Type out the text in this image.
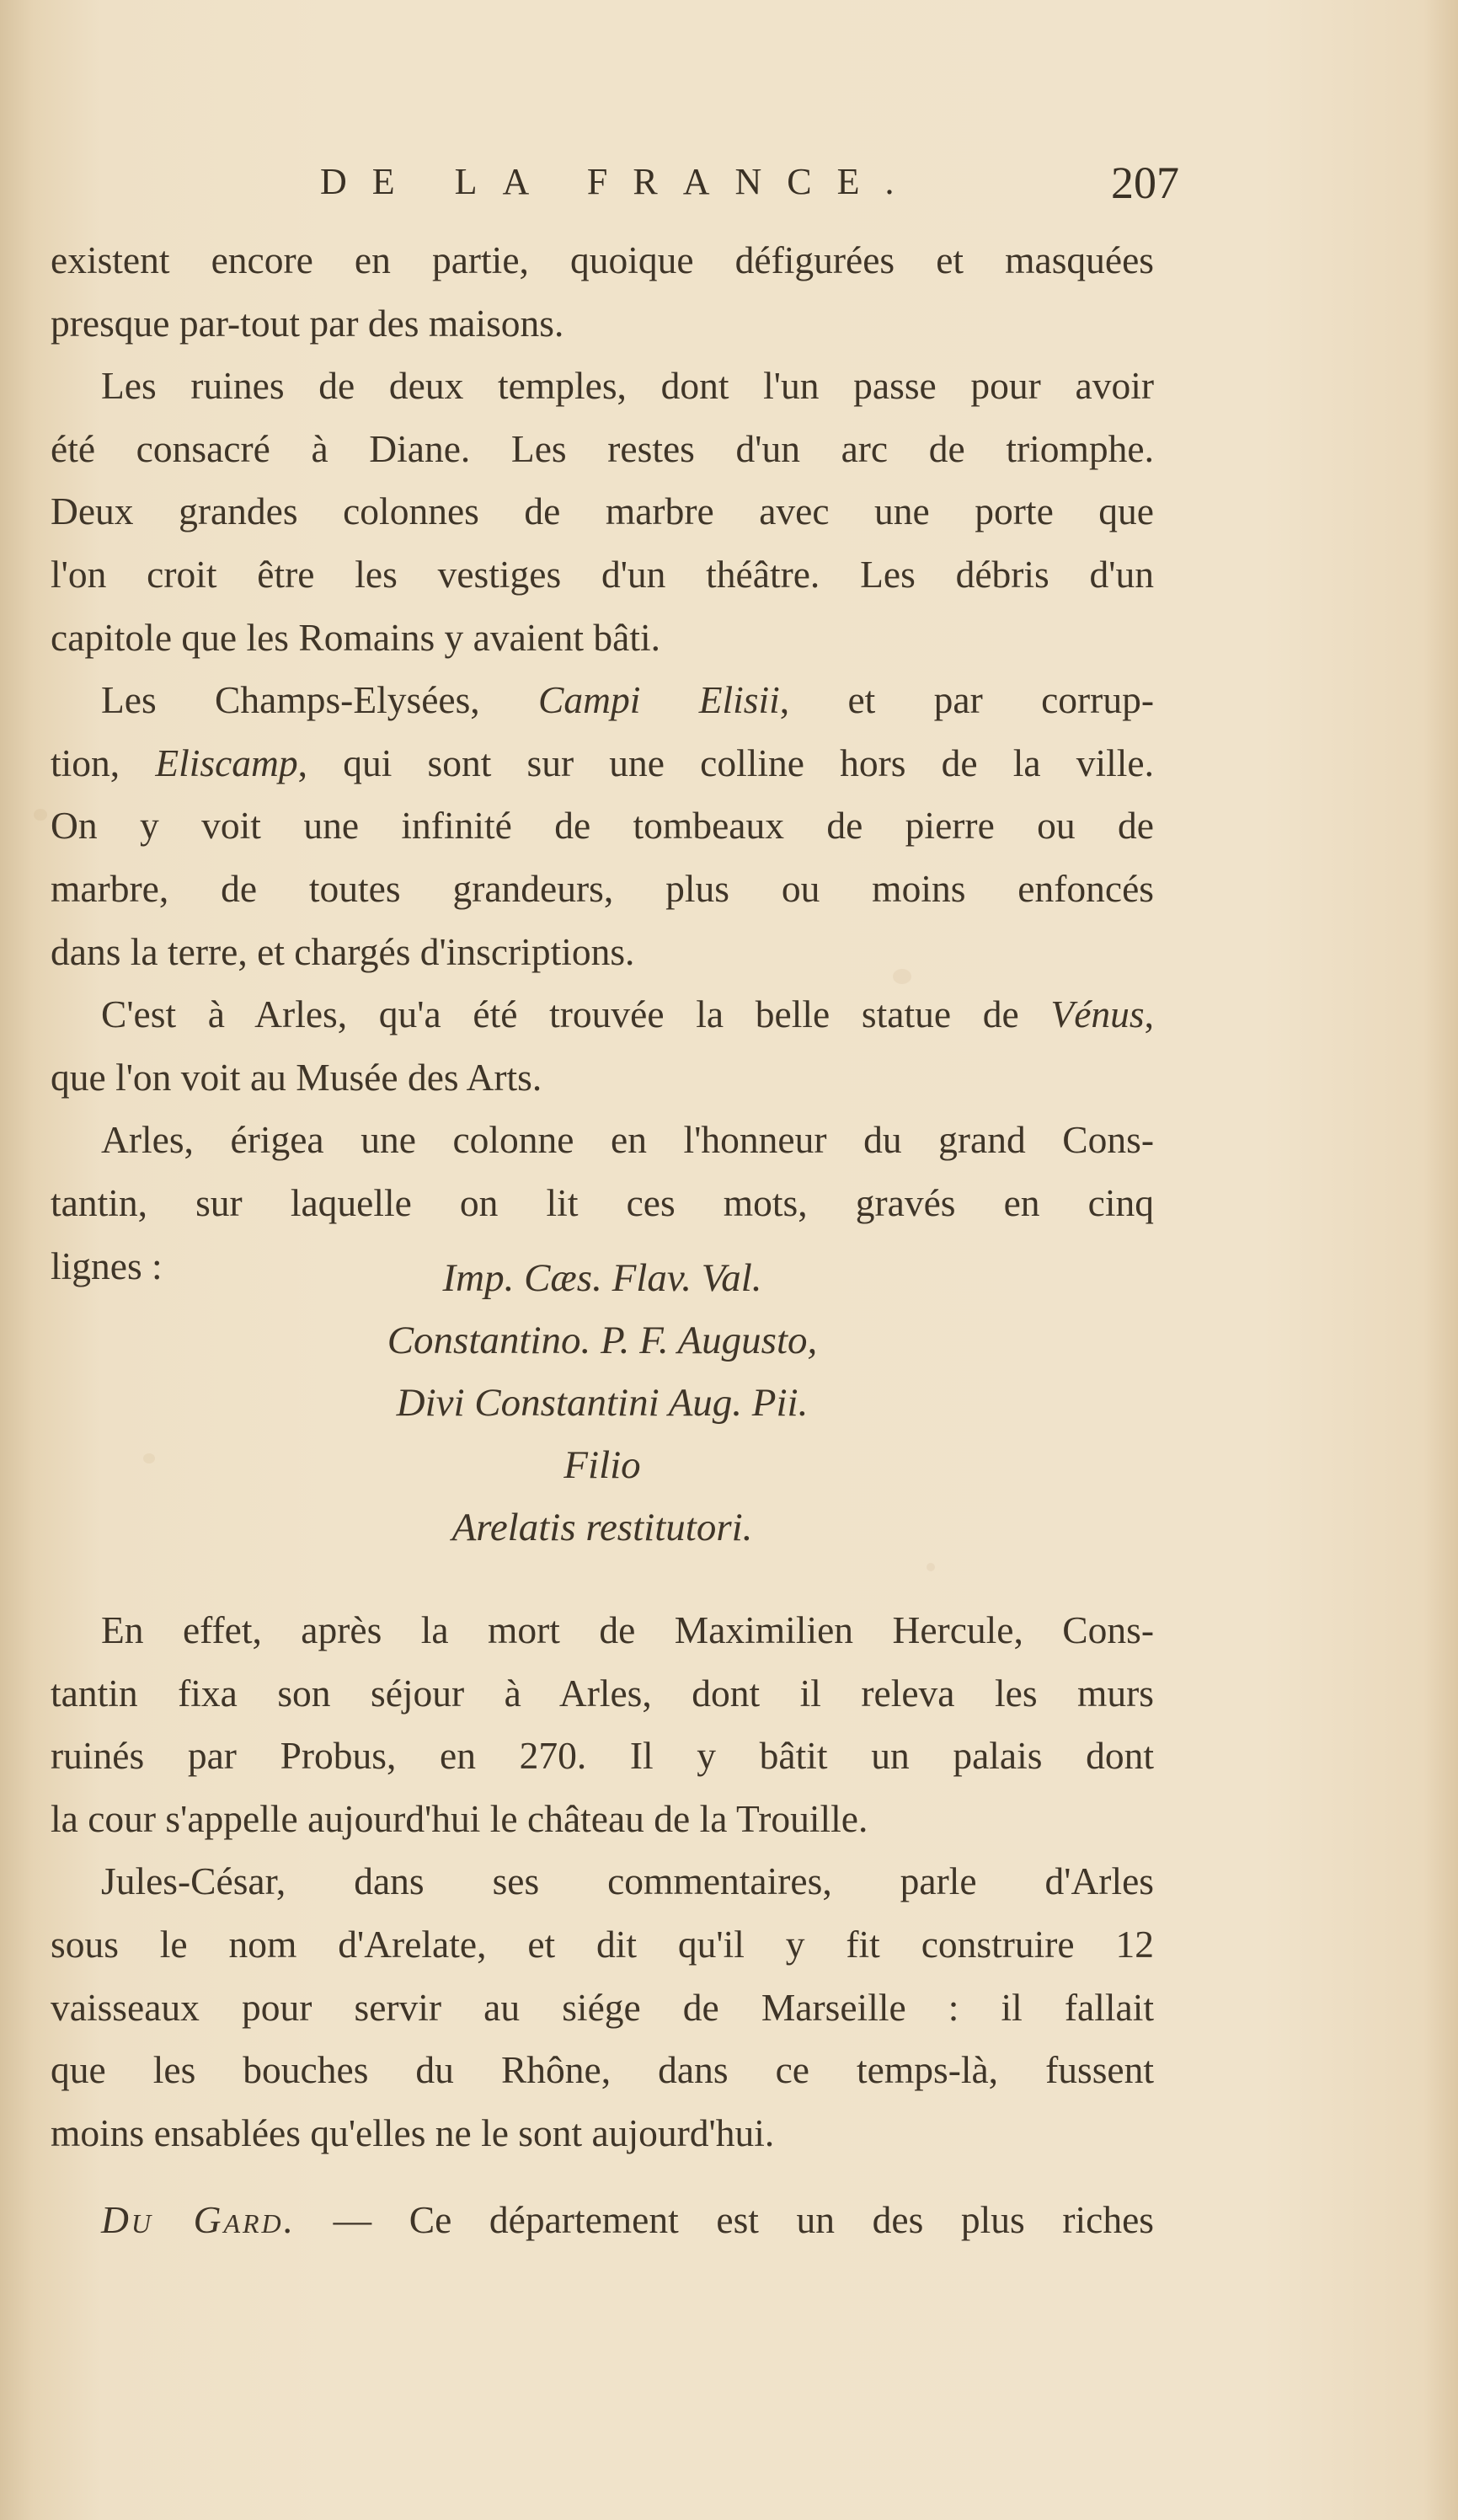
DE LA FRANCE.	207
existent encore en partie, quoique défigurées et masquées
presque par-tout par des maisons.
Les ruines de deux temples, dont l'un passe pour avoir
été consacré à Diane. Les restes d'un arc de triomphe.
Deux grandes colonnes de marbre avec une porte que
l'on croit être les vestiges d'un théâtre. Les débris d'un
capitole que les Romains y avaient bâti.
Les Champs-Elysées, Campi Elisii, et par corrup-
tion, Eliscamp, qui sont sur une colline hors de la ville.
On y voit une infinité de tombeaux de pierre ou de
marbre, de toutes grandeurs, plus ou moins enfoncés
dans la terre, et chargés d'inscriptions.
C'est à Arles, qu'a été trouvée la belle statue de Vénus,
que l'on voit au Musée des Arts.
Arles, érigea une colonne en l'honneur du grand Cons-
tantin, sur laquelle on lit ces mots, gravés en cinq
lignes :	Imp. Cæs. Flav. Val.
Constantino. P. F. Augusto,
Divi Constantini Aug. Pii.
Filio
Arelatis restitutori.
En effet, après la mort de Maximilien Hercule, Cons-
tantin fixa son séjour à Arles, dont il releva les murs
ruinés par Probus, en 270. Il y bâtit un palais dont
la cour s'appelle aujourd'hui le château de la Trouille.
Jules-César, dans ses commentaires, parle d'Arles
sous le nom d'Arelate, et dit qu'il y fit construire 12
vaisseaux pour servir au siége de Marseille : il fallait
que les bouches du Rhône, dans ce temps-là, fussent
moins ensablées qu'elles ne le sont aujourd'hui.
Du Gard. — Ce département est un des plus riches
